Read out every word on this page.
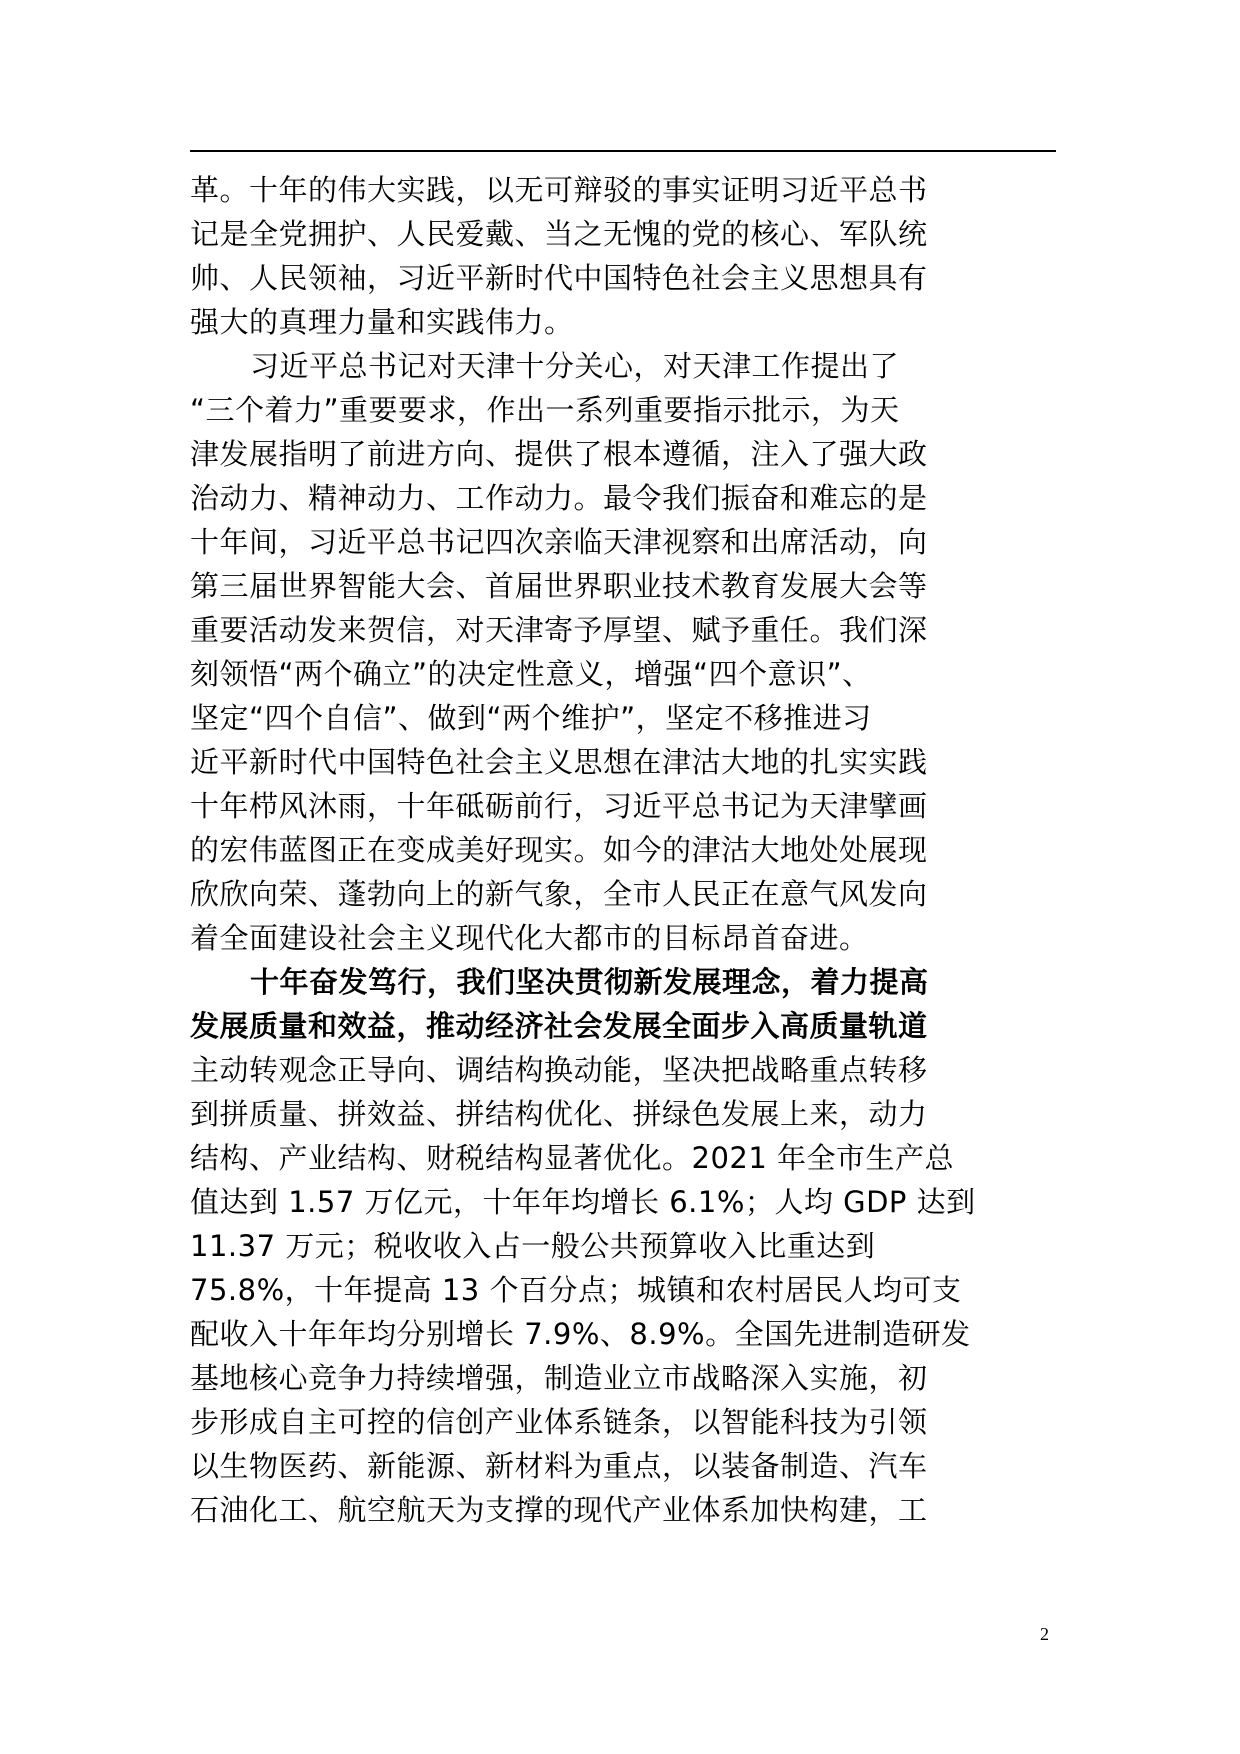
革。十年的伟大实践，以无可辩驳的事实证明习近平总书
记是全党拥护、人民爱戴、当之无愧的党的核心、军队统
帅、人民领袖，习近平新时代中国特色社会主义思想具有
强大的真理力量和实践伟力。
习近平总书记对天津十分关心，对天津工作提出了
“三个着力”重要要求，作出一系列重要指示批示，为天
津发展指明了前进方向、提供了根本遵循，注入了强大政
治动力、精神动力、工作动力。最令我们振奋和难忘的是
十年间，习近平总书记四次亲临天津视察和出席活动，向
第三届世界智能大会、首届世界职业技术教育发展大会等
重要活动发来贺信，对天津寄予厚望、赋予重任。我们深
刻领悟“两个确立”的决定性意义，增强“四个意识”、
坚定“四个自信”、做到“两个维护”，坚定不移推进习
近平新时代中国特色社会主义思想在津沽大地的扎实实践
十年栉风沐雨，十年砥砺前行，习近平总书记为天津擘画
的宏伟蓝图正在变成美好现实。如今的津沽大地处处展现
欣欣向荣、蓬勃向上的新气象，全市人民正在意气风发向
着全面建设社会主义现代化大都市的目标昂首奋进。
十年奋发笃行，我们坚决贯彻新发展理念，着力提高
发展质量和效益，推动经济社会发展全面步入高质量轨道
主动转观念正导向、调结构换动能，坚决把战略重点转移
到拼质量、拼效益、拼结构优化、拼绿色发展上来，动力
结构、产业结构、财税结构显著优化。2021 年全市生产总
值达到 1.57 万亿元，十年年均增长 6.1%；人均 GDP 达到
11.37 万元；税收收入占一般公共预算收入比重达到
75.8%，十年提高 13 个百分点；城镇和农村居民人均可支
配收入十年年均分别增长 7.9%、8.9%。全国先进制造研发
基地核心竞争力持续增强，制造业立市战略深入实施，初
步形成自主可控的信创产业体系链条，以智能科技为引领
以生物医药、新能源、新材料为重点，以装备制造、汽车
石油化工、航空航天为支撑的现代产业体系加快构建，工
2
